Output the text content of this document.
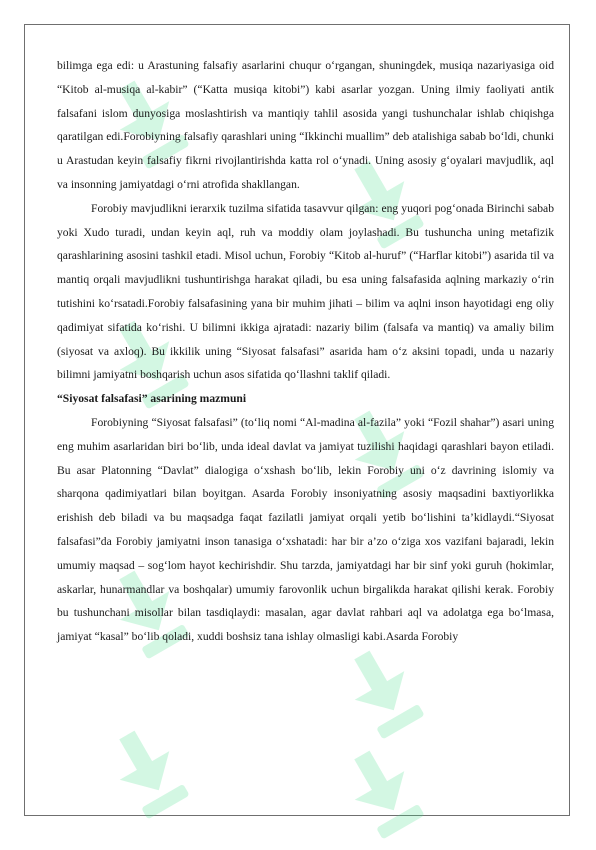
bilimga ega edi: u Arastuning falsafiy asarlarini chuqur o‘rgangan, shuningdek, musiqa nazariyasiga oid “Kitob al-musiqa al-kabir” (“Katta musiqa kitobi”) kabi asarlar yozgan. Uning ilmiy faoliyati antik falsafani islom dunyosiga moslashtirish va mantiqiy tahlil asosida yangi tushunchalar ishlab chiqishga qaratilgan edi.Forobiyning falsafiy qarashlari uning “Ikkinchi muallim” deb atalishiga sabab bo‘ldi, chunki u Arastudan keyin falsafiy fikrni rivojlantirishda katta rol o‘ynadi. Uning asosiy g‘oyalari mavjudlik, aql va insonning jamiyatdagi o‘rni atrofida shakllangan.

Forobiy mavjudlikni ierarxik tuzilma sifatida tasavvur qilgan: eng yuqori pog‘onada Birinchi sabab yoki Xudo turadi, undan keyin aql, ruh va moddiy olam joylashadi. Bu tushuncha uning metafizik qarashlarining asosini tashkil etadi. Misol uchun, Forobiy “Kitob al-huruf” (“Harflar kitobi”) asarida til va mantiq orqali mavjudlikni tushuntirishga harakat qiladi, bu esa uning falsafasida aqlning markaziy o‘rin tutishini ko‘rsatadi.Forobiy falsafasining yana bir muhim jihati – bilim va aqlni inson hayotidagi eng oliy qadimiyat sifatida ko‘rishi. U bilimni ikkiga ajratadi: nazariy bilim (falsafa va mantiq) va amaliy bilim (siyosat va axloq). Bu ikkilik uning “Siyosat falsafasi” asarida ham o‘z aksini topadi, unda u nazariy bilimni jamiyatni boshqarish uchun asos sifatida qo‘llashni taklif qiladi.

“Siyosat falsafasi” asarining mazmuni

Forobiyning “Siyosat falsafasi” (to‘liq nomi “Al-madina al-fazila” yoki “Fozil shahar”) asari uning eng muhim asarlaridan biri bo‘lib, unda ideal davlat va jamiyat tuzilishi haqidagi qarashlari bayon etiladi. Bu asar Platonning “Davlat” dialogiga o‘xshash bo‘lib, lekin Forobiy uni o‘z davrining islomiy va sharqona qadimiyatlari bilan boyitgan. Asarda Forobiy insoniyatning asosiy maqsadini baxtiyorlikka erishish deb biladi va bu maqsadga faqat fazilatli jamiyat orqali yetib bo‘lishini ta’kidlaydi.“Siyosat falsafasi”da Forobiy jamiyatni inson tanasiga o‘xshatadi: har bir a’zo o‘ziga xos vazifani bajaradi, lekin umumiy maqsad – sog‘lom hayot kechirishdir. Shu tarzda, jamiyatdagi har bir sinf yoki guruh (hokimlar, askarlar, hunarmandlar va boshqalar) umumiy farovonlik uchun birgalikda harakat qilishi kerak. Forobiy bu tushunchani misollar bilan tasdiqlaydi: masalan, agar davlat rahbari aql va adolatga ega bo‘lmasa, jamiyat “kasal” bo‘lib qoladi, xuddi boshsiz tana ishlay olmasligi kabi.Asarda Forobiy
